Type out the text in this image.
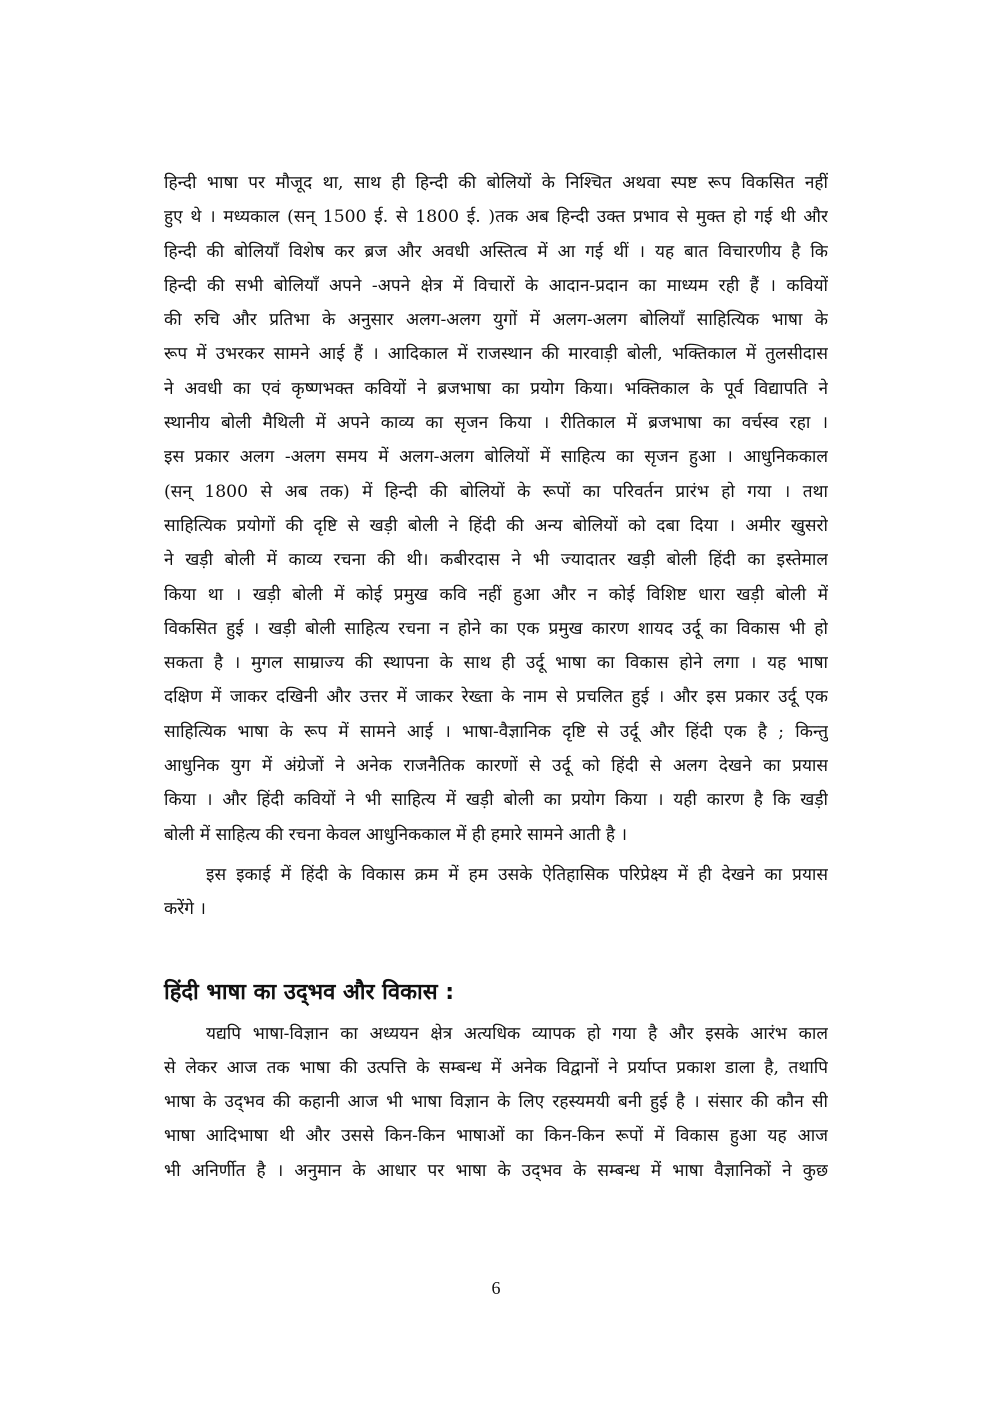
हिन्दी भाषा पर मौजूद था, साथ ही हिन्दी की बोलियों के निश्चित अथवा स्पष्ट रूप विकसित नहीं
हुए थे । मध्यकाल (सन् 1500 ई. से 1800 ई. )तक अब हिन्दी उक्त प्रभाव से मुक्त हो गई थी और
हिन्दी की बोलियाँ विशेष कर ब्रज और अवधी अस्तित्व में आ गई थीं । यह बात विचारणीय है कि
हिन्दी की सभी बोलियाँ अपने -अपने क्षेत्र में विचारों के आदान-प्रदान का माध्यम रही हैं । कवियों
की रुचि और प्रतिभा के अनुसार अलग-अलग युगों में अलग-अलग बोलियाँ साहित्यिक भाषा के
रूप में उभरकर सामने आई हैं । आदिकाल में राजस्थान की मारवाड़ी बोली, भक्तिकाल में तुलसीदास
ने अवधी का एवं कृष्णभक्त कवियों ने ब्रजभाषा का प्रयोग किया। भक्तिकाल के पूर्व विद्यापति ने
स्थानीय बोली मैथिली में अपने काव्य का सृजन किया । रीतिकाल में ब्रजभाषा का वर्चस्व रहा ।
इस प्रकार अलग -अलग समय में अलग-अलग बोलियों में साहित्य का सृजन हुआ । आधुनिककाल
(सन् 1800 से अब तक) में हिन्दी की बोलियों के रूपों का परिवर्तन प्रारंभ हो गया । तथा
साहित्यिक प्रयोगों की दृष्टि से खड़ी बोली ने हिंदी की अन्य बोलियों को दबा दिया । अमीर खुसरो
ने खड़ी बोली में काव्य रचना की थी। कबीरदास ने भी ज्यादातर खड़ी बोली हिंदी का इस्तेमाल
किया था । खड़ी बोली में कोई प्रमुख कवि नहीं हुआ और न कोई विशिष्ट धारा खड़ी बोली में
विकसित हुई । खड़ी बोली साहित्य रचना न होने का एक प्रमुख कारण शायद उर्दू का विकास भी हो
सकता है । मुगल साम्राज्य की स्थापना के साथ ही उर्दू भाषा का विकास होने लगा । यह भाषा
दक्षिण में जाकर दखिनी और उत्तर में जाकर रेख्ता के नाम से प्रचलित हुई । और इस प्रकार उर्दू एक
साहित्यिक भाषा के रूप में सामने आई । भाषा-वैज्ञानिक दृष्टि से उर्दू और हिंदी एक है ; किन्तु
आधुनिक युग में अंग्रेजों ने अनेक राजनैतिक कारणों से उर्दू को हिंदी से अलग देखने का प्रयास
किया । और हिंदी कवियों ने भी साहित्य में खड़ी बोली का प्रयोग किया । यही कारण है कि खड़ी
बोली में साहित्य की रचना केवल आधुनिककाल में ही हमारे सामने आती है ।
इस इकाई में हिंदी के विकास क्रम में हम उसके ऐतिहासिक परिप्रेक्ष्य में ही देखने का प्रयास
करेंगे ।
हिंदी भाषा का उद्‌भव और विकास :
यद्यपि भाषा-विज्ञान का अध्ययन क्षेत्र अत्यधिक व्यापक हो गया है और इसके आरंभ काल
से लेकर आज तक भाषा की उत्पत्ति के सम्बन्ध में अनेक विद्वानों ने प्रर्याप्त प्रकाश डाला है, तथापि
भाषा के उद्‌भव की कहानी आज भी भाषा विज्ञान के लिए रहस्यमयी बनी हुई है । संसार की कौन सी
भाषा आदिभाषा थी और उससे किन-किन भाषाओं का किन-किन रूपों में विकास हुआ यह आज
भी अनिर्णीत है । अनुमान के आधार पर भाषा के उद्‌भव के सम्बन्ध में भाषा वैज्ञानिकों ने कुछ
6
